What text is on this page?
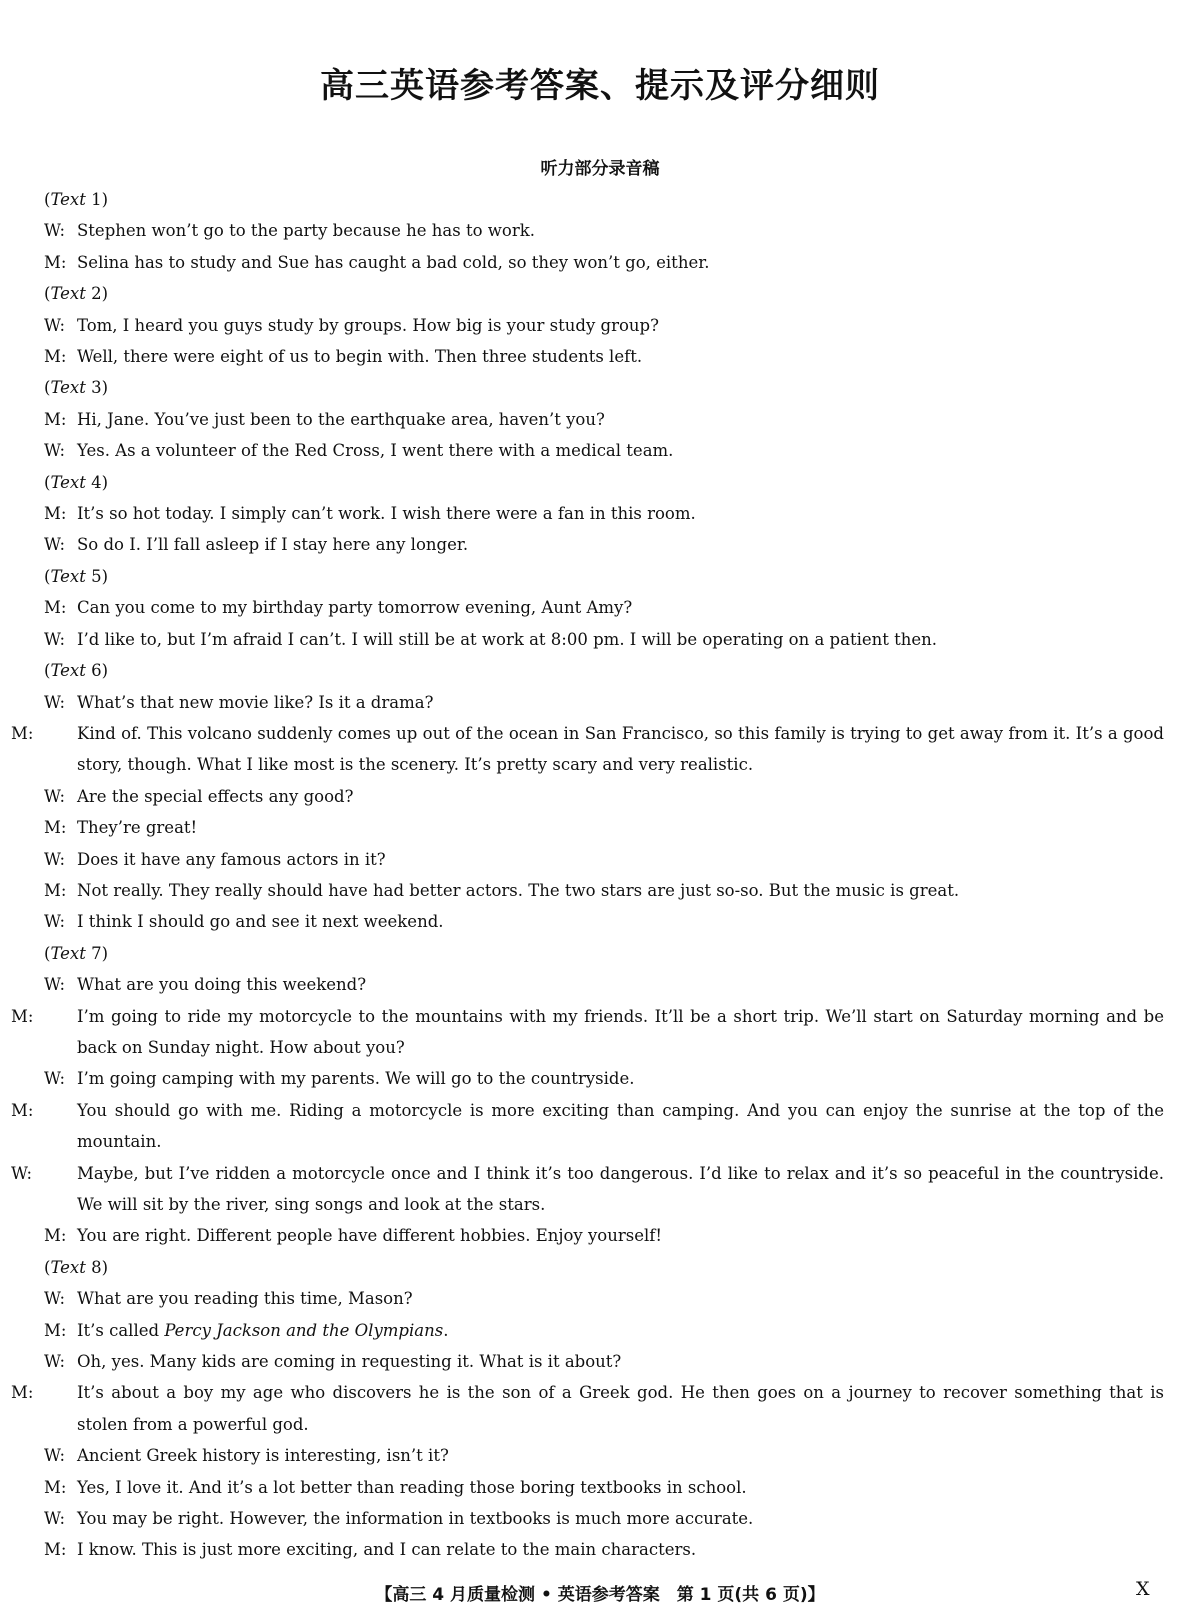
高三英语参考答案、提示及评分细则
听力部分录音稿
(Text 1)
W: Stephen won’t go to the party because he has to work.
M: Selina has to study and Sue has caught a bad cold, so they won’t go, either.
(Text 2)
W: Tom, I heard you guys study by groups. How big is your study group?
M: Well, there were eight of us to begin with. Then three students left.
(Text 3)
M: Hi, Jane. You’ve just been to the earthquake area, haven’t you?
W: Yes. As a volunteer of the Red Cross, I went there with a medical team.
(Text 4)
M: It’s so hot today. I simply can’t work. I wish there were a fan in this room.
W: So do I. I’ll fall asleep if I stay here any longer.
(Text 5)
M: Can you come to my birthday party tomorrow evening, Aunt Amy?
W: I’d like to, but I’m afraid I can’t. I will still be at work at 8:00 pm. I will be operating on a patient then.
(Text 6)
W: What’s that new movie like? Is it a drama?
M:	Kind of. This volcano suddenly comes up out of the ocean in San Francisco, so this family is trying to get away from it. It’s a good story, though. What I like most is the scenery. It’s pretty scary and very realistic.
W: Are the special effects any good?
M: They’re great!
W: Does it have any famous actors in it?
M: Not really. They really should have had better actors. The two stars are just so-so. But the music is great.
W: I think I should go and see it next weekend.
(Text 7)
W: What are you doing this weekend?
M:	I’m going to ride my motorcycle to the mountains with my friends. It’ll be a short trip. We’ll start on Saturday morning and be back on Sunday night. How about you?
W: I’m going camping with my parents. We will go to the countryside.
M:	You should go with me. Riding a motorcycle is more exciting than camping. And you can enjoy the sunrise at the top of the mountain.
W:	Maybe, but I’ve ridden a motorcycle once and I think it’s too dangerous. I’d like to relax and it’s so peaceful in the countryside. We will sit by the river, sing songs and look at the stars.
M: You are right. Different people have different hobbies. Enjoy yourself!
(Text 8)
W: What are you reading this time, Mason?
M: It’s called Percy Jackson and the Olympians.
W: Oh, yes. Many kids are coming in requesting it. What is it about?
M:	It’s about a boy my age who discovers he is the son of a Greek god. He then goes on a journey to recover something that is stolen from a powerful god.
W: Ancient Greek history is interesting, isn’t it?
M: Yes, I love it. And it’s a lot better than reading those boring textbooks in school.
W: You may be right. However, the information in textbooks is much more accurate.
M: I know. This is just more exciting, and I can relate to the main characters.
【高三 4 月质量检测 • 英语参考答案　第 1 页(共 6 页)】	X
